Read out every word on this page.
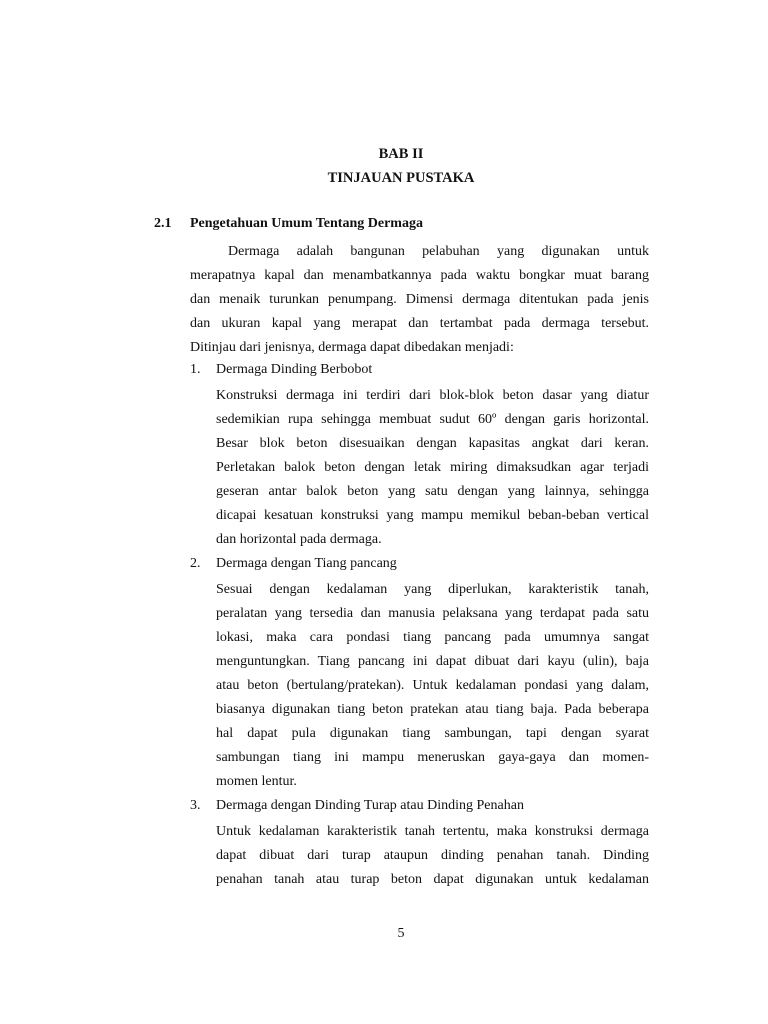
BAB II
TINJAUAN PUSTAKA
2.1 Pengetahuan Umum Tentang Dermaga
Dermaga adalah bangunan pelabuhan yang digunakan untuk
merapatnya kapal dan menambatkannya pada waktu bongkar muat barang
dan menaik turunkan penumpang. Dimensi dermaga ditentukan pada jenis
dan ukuran kapal yang merapat dan tertambat pada dermaga tersebut.
Ditinjau dari jenisnya, dermaga dapat dibedakan menjadi:
1. Dermaga Dinding Berbobot
Konstruksi dermaga ini terdiri dari blok-blok beton dasar yang diatur
sedemikian rupa sehingga membuat sudut 60º dengan garis horizontal.
Besar blok beton disesuaikan dengan kapasitas angkat dari keran.
Perletakan balok beton dengan letak miring dimaksudkan agar terjadi
geseran antar balok beton yang satu dengan yang lainnya, sehingga
dicapai kesatuan konstruksi yang mampu memikul beban-beban vertical
dan horizontal pada dermaga.
2. Dermaga dengan Tiang pancang
Sesuai dengan kedalaman yang diperlukan, karakteristik tanah,
peralatan yang tersedia dan manusia pelaksana yang terdapat pada satu
lokasi, maka cara pondasi tiang pancang pada umumnya sangat
menguntungkan. Tiang pancang ini dapat dibuat dari kayu (ulin), baja
atau beton (bertulang/pratekan). Untuk kedalaman pondasi yang dalam,
biasanya digunakan tiang beton pratekan atau tiang baja. Pada beberapa
hal dapat pula digunakan tiang sambungan, tapi dengan syarat
sambungan tiang ini mampu meneruskan gaya-gaya dan momen-
momen lentur.
3. Dermaga dengan Dinding Turap atau Dinding Penahan
Untuk kedalaman karakteristik tanah tertentu, maka konstruksi dermaga
dapat dibuat dari turap ataupun dinding penahan tanah. Dinding
penahan tanah atau turap beton dapat digunakan untuk kedalaman
5
